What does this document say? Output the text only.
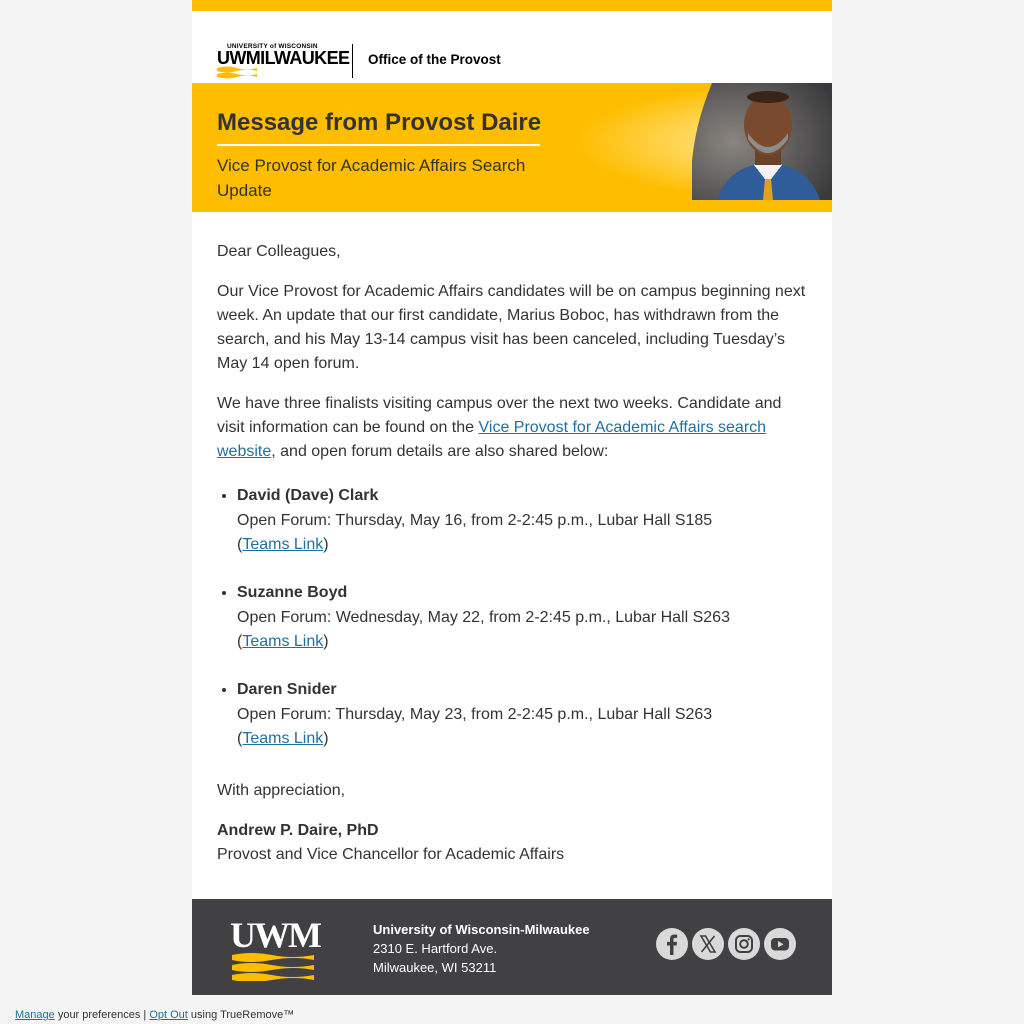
UNIVERSITY of WISCONSIN
UWMILWAUKEE Office of the Provost
Message from Provost Daire
Vice Provost for Academic Affairs Search Update

Dear Colleagues,

Our Vice Provost for Academic Affairs candidates will be on campus beginning next week. An update that our first candidate, Marius Boboc, has withdrawn from the search, and his May 13-14 campus visit has been canceled, including Tuesday’s May 14 open forum.

We have three finalists visiting campus over the next two weeks. Candidate and visit information can be found on the Vice Provost for Academic Affairs search website, and open forum details are also shared below:

• David (Dave) Clark
Open Forum: Thursday, May 16, from 2-2:45 p.m., Lubar Hall S185
(Teams Link)
• Suzanne Boyd
Open Forum: Wednesday, May 22, from 2-2:45 p.m., Lubar Hall S263
(Teams Link)
• Daren Snider
Open Forum: Thursday, May 23, from 2-2:45 p.m., Lubar Hall S263
(Teams Link)

With appreciation,

Andrew P. Daire, PhD
Provost and Vice Chancellor for Academic Affairs
UWM	University of Wisconsin-Milwaukee
2310 E. Hartford Ave.
Milwaukee, WI 53211
Manage your preferences | Opt Out using TrueRemove™
